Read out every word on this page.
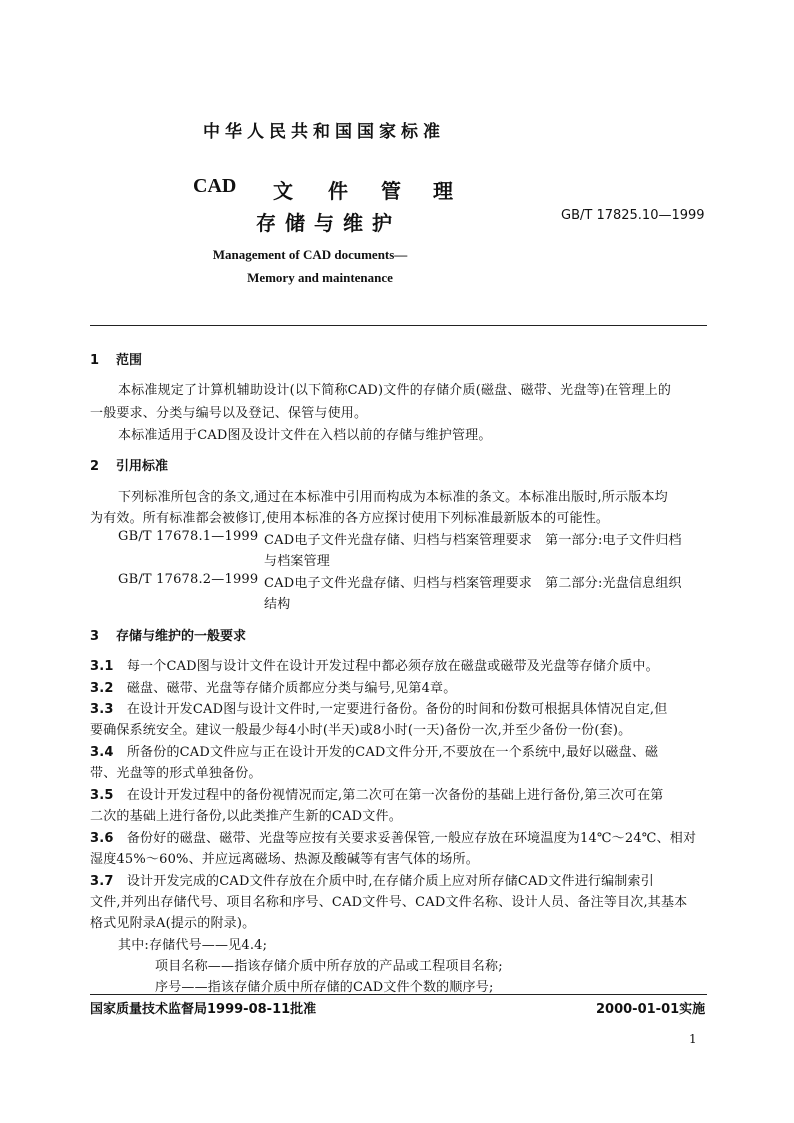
中华人民共和国国家标准
CAD 文 件 管 理
存储与维护	GB/T 17825.10—1999
Management of CAD documents—
Memory and maintenance
1 范围
本标准规定了计算机辅助设计(以下简称CAD)文件的存储介质(磁盘、磁带、光盘等)在管理上的
一般要求、分类与编号以及登记、保管与使用。
本标准适用于CAD图及设计文件在入档以前的存储与维护管理。
2 引用标准
下列标准所包含的条文,通过在本标准中引用而构成为本标准的条文。本标准出版时,所示版本均
为有效。所有标准都会被修订,使用本标准的各方应探讨使用下列标准最新版本的可能性。
GB/T 17678.1—1999 CAD电子文件光盘存储、归档与档案管理要求　第一部分:电子文件归档
与档案管理
GB/T 17678.2—1999 CAD电子文件光盘存储、归档与档案管理要求　第二部分:光盘信息组织
结构
3 存储与维护的一般要求
3.1　 每一个CAD图与设计文件在设计开发过程中都必须存放在磁盘或磁带及光盘等存储介质中。
3.2　 磁盘、磁带、光盘等存储介质都应分类与编号,见第4章。
3.3　 在设计开发CAD图与设计文件时,一定要进行备份。备份的时间和份数可根据具体情况自定,但
要确保系统安全。建议一般最少每4小时(半天)或8小时(一天)备份一次,并至少备份一份(套)。
3.4　 所备份的CAD文件应与正在设计开发的CAD文件分开,不要放在一个系统中,最好以磁盘、磁
带、光盘等的形式单独备份。
3.5　 在设计开发过程中的备份视情况而定,第二次可在第一次备份的基础上进行备份,第三次可在第
二次的基础上进行备份,以此类推产生新的CAD文件。
3.6　 备份好的磁盘、磁带、光盘等应按有关要求妥善保管,一般应存放在环境温度为14℃～24℃、相对
湿度45%～60%、并应远离磁场、热源及酸碱等有害气体的场所。
3.7　 设计开发完成的CAD文件存放在介质中时,在存储介质上应对所存储CAD文件进行编制索引
文件,并列出存储代号、项目名称和序号、CAD文件号、CAD文件名称、设计人员、备注等目次,其基本
格式见附录A(提示的附录)。
其中:存储代号——见4.4;
项目名称——指该存储介质中所存放的产品或工程项目名称;
序号——指该存储介质中所存储的CAD文件个数的顺序号;
国家质量技术监督局1999-08-11批准	2000-01-01实施
1
